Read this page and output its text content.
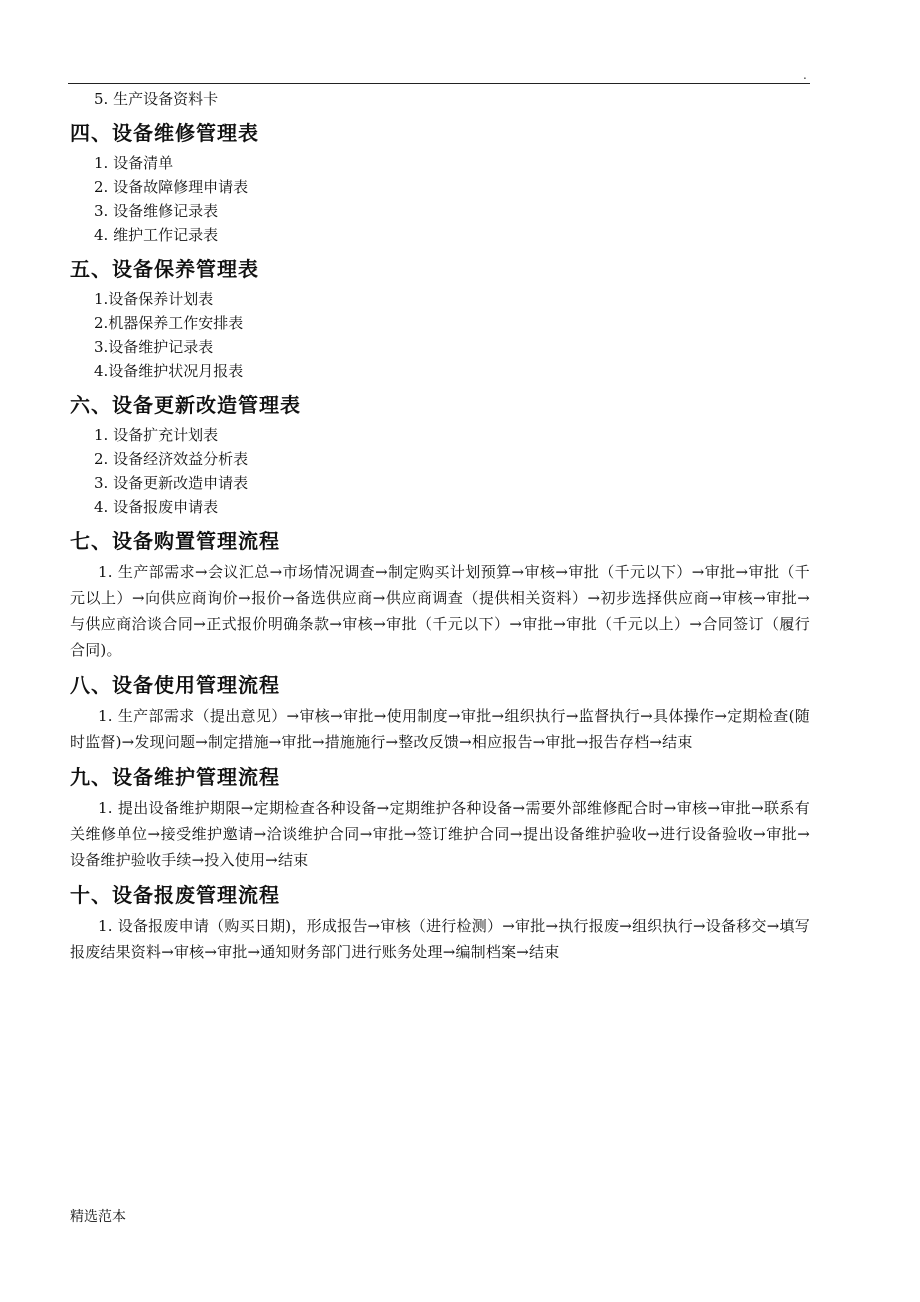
.

5. 生产设备资料卡

四、设备维修管理表

1. 设备清单

2. 设备故障修理申请表

3. 设备维修记录表

4. 维护工作记录表

五、设备保养管理表

1.设备保养计划表

2.机器保养工作安排表

3.设备维护记录表

4.设备维护状况月报表

六、设备更新改造管理表

1. 设备扩充计划表

2. 设备经济效益分析表

3. 设备更新改造申请表

4. 设备报废申请表

七、设备购置管理流程

1. 生产部需求→会议汇总→市场情况调查→制定购买计划预算→审核→审批（千元以下）→审批→审批（千元以上）→向供应商询价→报价→备选供应商→供应商调查（提供相关资料）→初步选择供应商→审核→审批→与供应商洽谈合同→正式报价明确条款→审核→审批（千元以下）→审批→审批（千元以上）→合同签订（履行合同)。

八、设备使用管理流程

1. 生产部需求（提出意见）→审核→审批→使用制度→审批→组织执行→监督执行→具体操作→定期检查(随时监督)→发现问题→制定措施→审批→措施施行→整改反馈→相应报告→审批→报告存档→结束

九、设备维护管理流程

1. 提出设备维护期限→定期检查各种设备→定期维护各种设备→需要外部维修配合时→审核→审批→联系有关维修单位→接受维护邀请→洽谈维护合同→审批→签订维护合同→提出设备维护验收→进行设备验收→审批→设备维护验收手续→投入使用→结束

十、设备报废管理流程

1. 设备报废申请（购买日期)，形成报告→审核（进行检测）→审批→执行报废→组织执行→设备移交→填写报废结果资料→审核→审批→通知财务部门进行账务处理→编制档案→结束

精选范本
